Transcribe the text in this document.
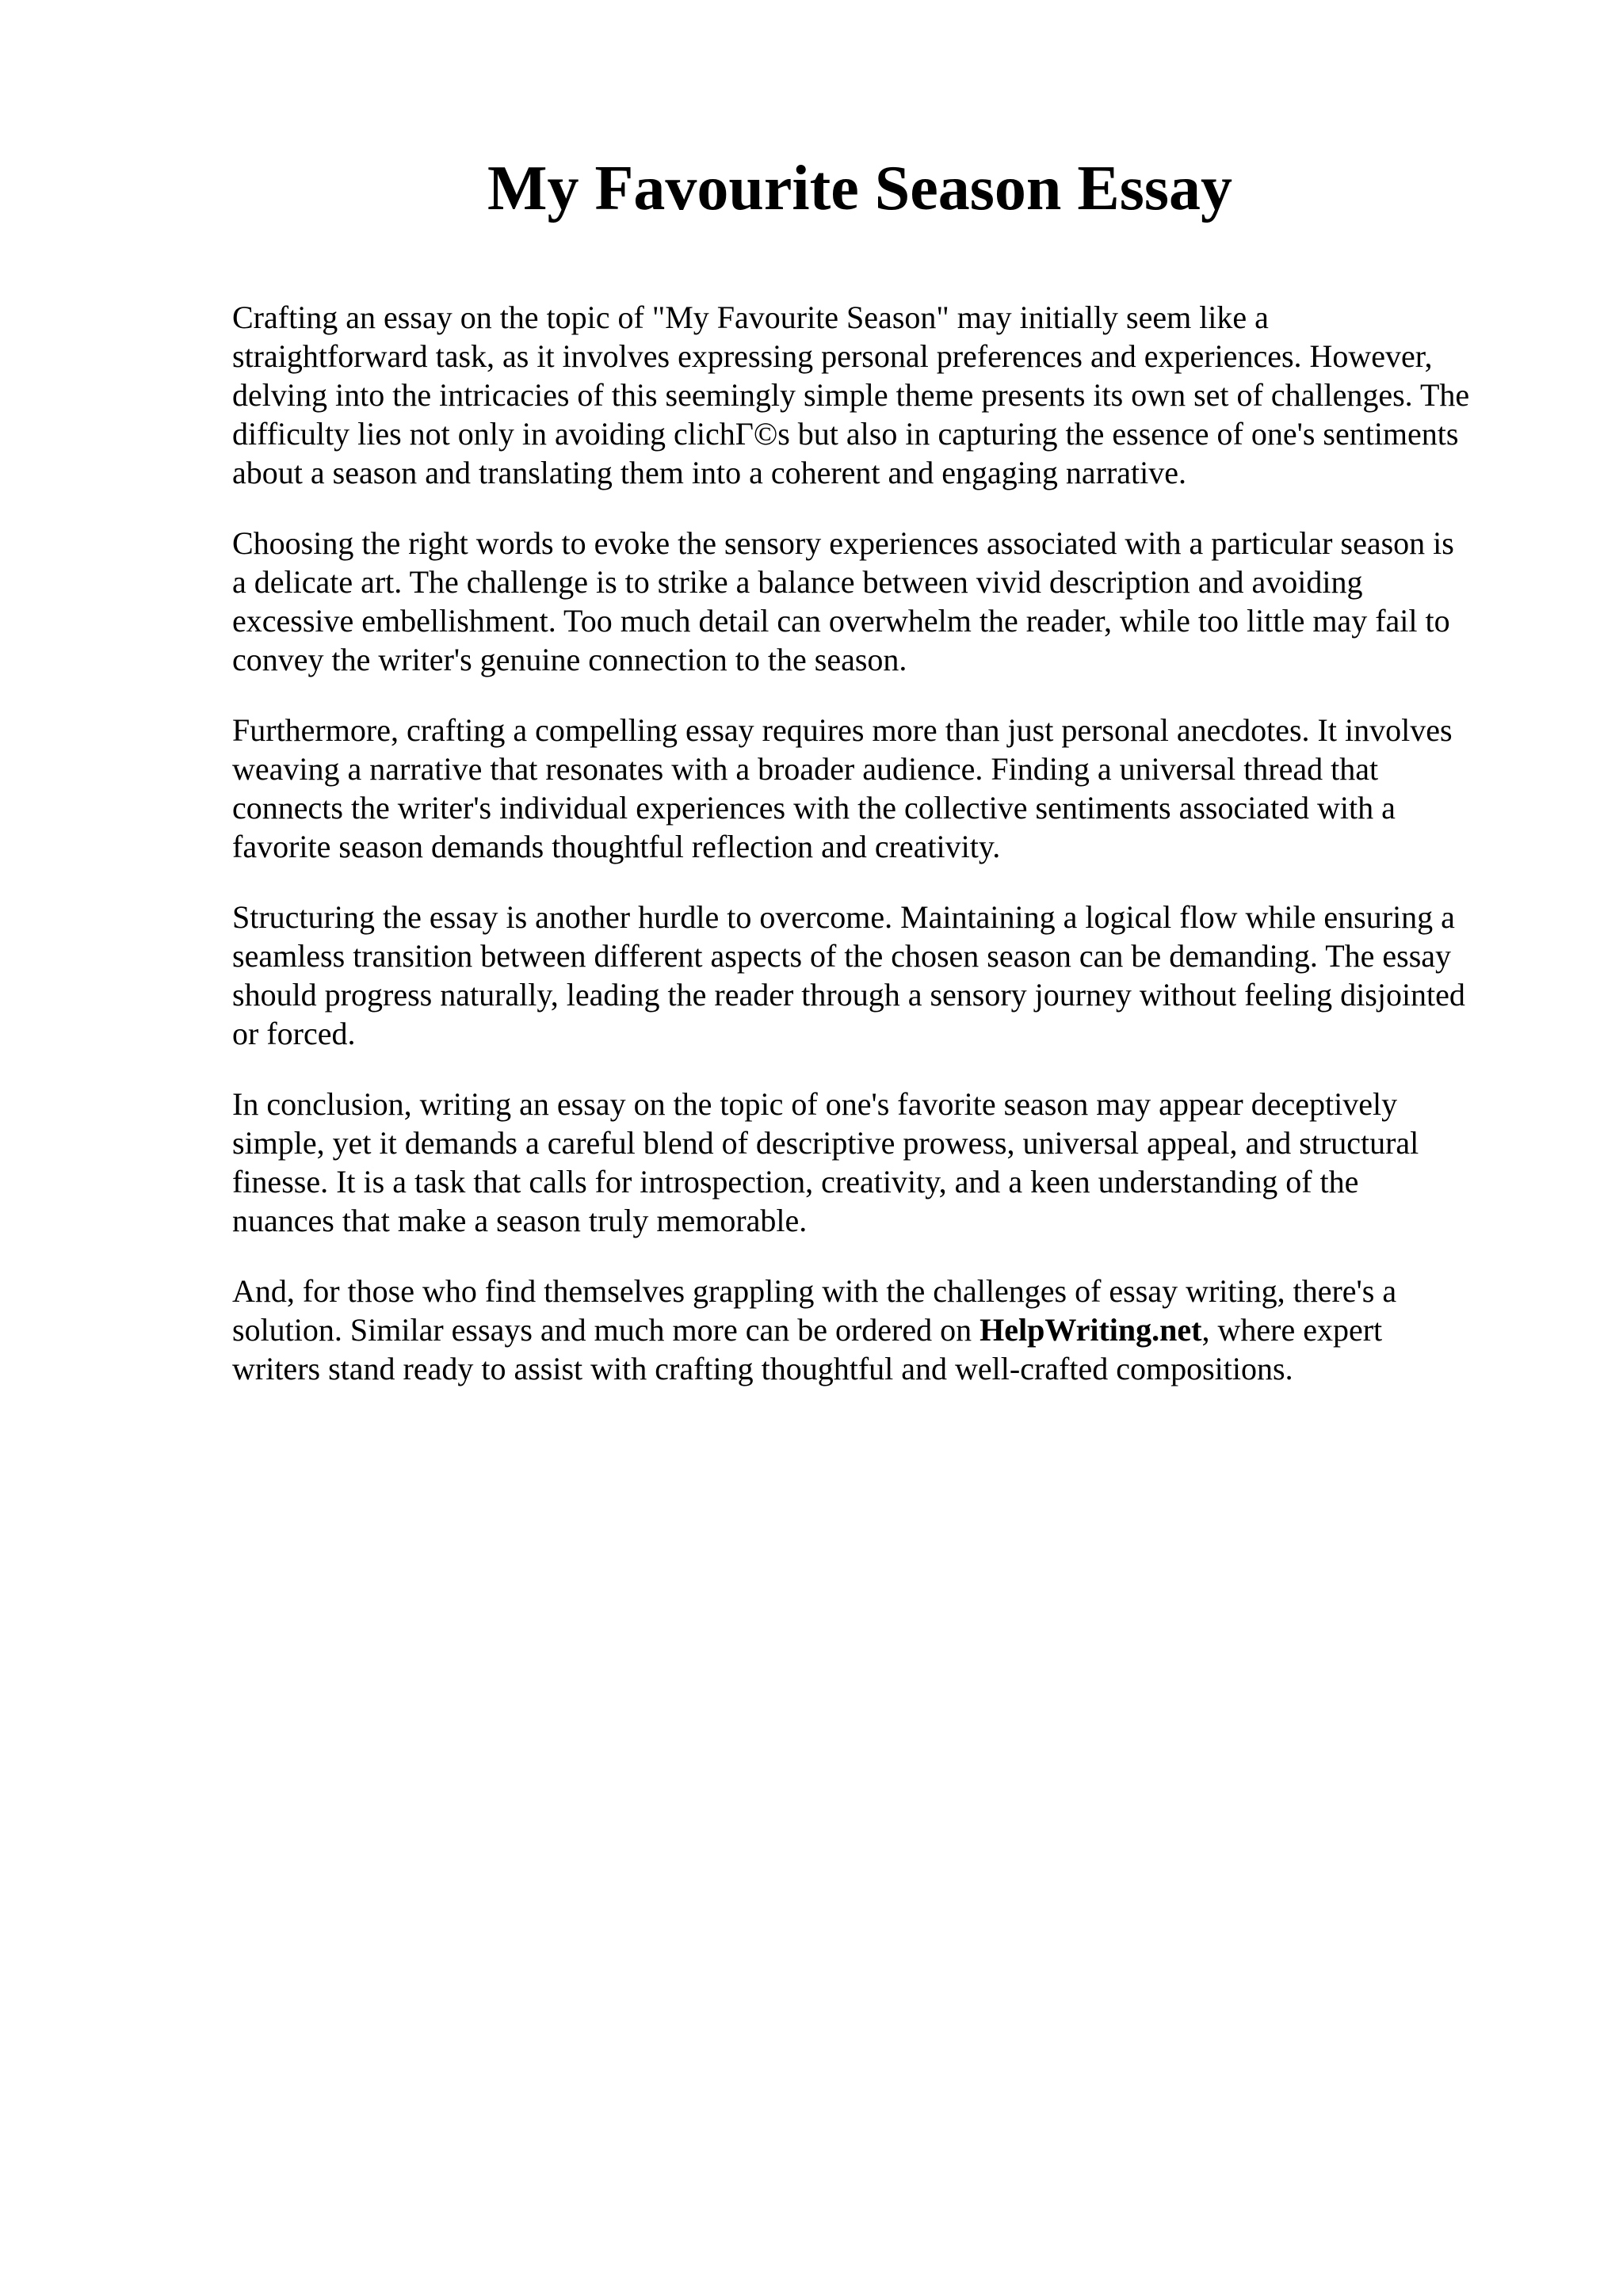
My Favourite Season Essay

Crafting an essay on the topic of "My Favourite Season" may initially seem like a
straightforward task, as it involves expressing personal preferences and experiences. However,
delving into the intricacies of this seemingly simple theme presents its own set of challenges. The
difficulty lies not only in avoiding clichΓ©s but also in capturing the essence of one's sentiments
about a season and translating them into a coherent and engaging narrative.

Choosing the right words to evoke the sensory experiences associated with a particular season is
a delicate art. The challenge is to strike a balance between vivid description and avoiding
excessive embellishment. Too much detail can overwhelm the reader, while too little may fail to
convey the writer's genuine connection to the season.

Furthermore, crafting a compelling essay requires more than just personal anecdotes. It involves
weaving a narrative that resonates with a broader audience. Finding a universal thread that
connects the writer's individual experiences with the collective sentiments associated with a
favorite season demands thoughtful reflection and creativity.

Structuring the essay is another hurdle to overcome. Maintaining a logical flow while ensuring a
seamless transition between different aspects of the chosen season can be demanding. The essay
should progress naturally, leading the reader through a sensory journey without feeling disjointed
or forced.

In conclusion, writing an essay on the topic of one's favorite season may appear deceptively
simple, yet it demands a careful blend of descriptive prowess, universal appeal, and structural
finesse. It is a task that calls for introspection, creativity, and a keen understanding of the
nuances that make a season truly memorable.

And, for those who find themselves grappling with the challenges of essay writing, there's a
solution. Similar essays and much more can be ordered on HelpWriting.net, where expert
writers stand ready to assist with crafting thoughtful and well-crafted compositions.
